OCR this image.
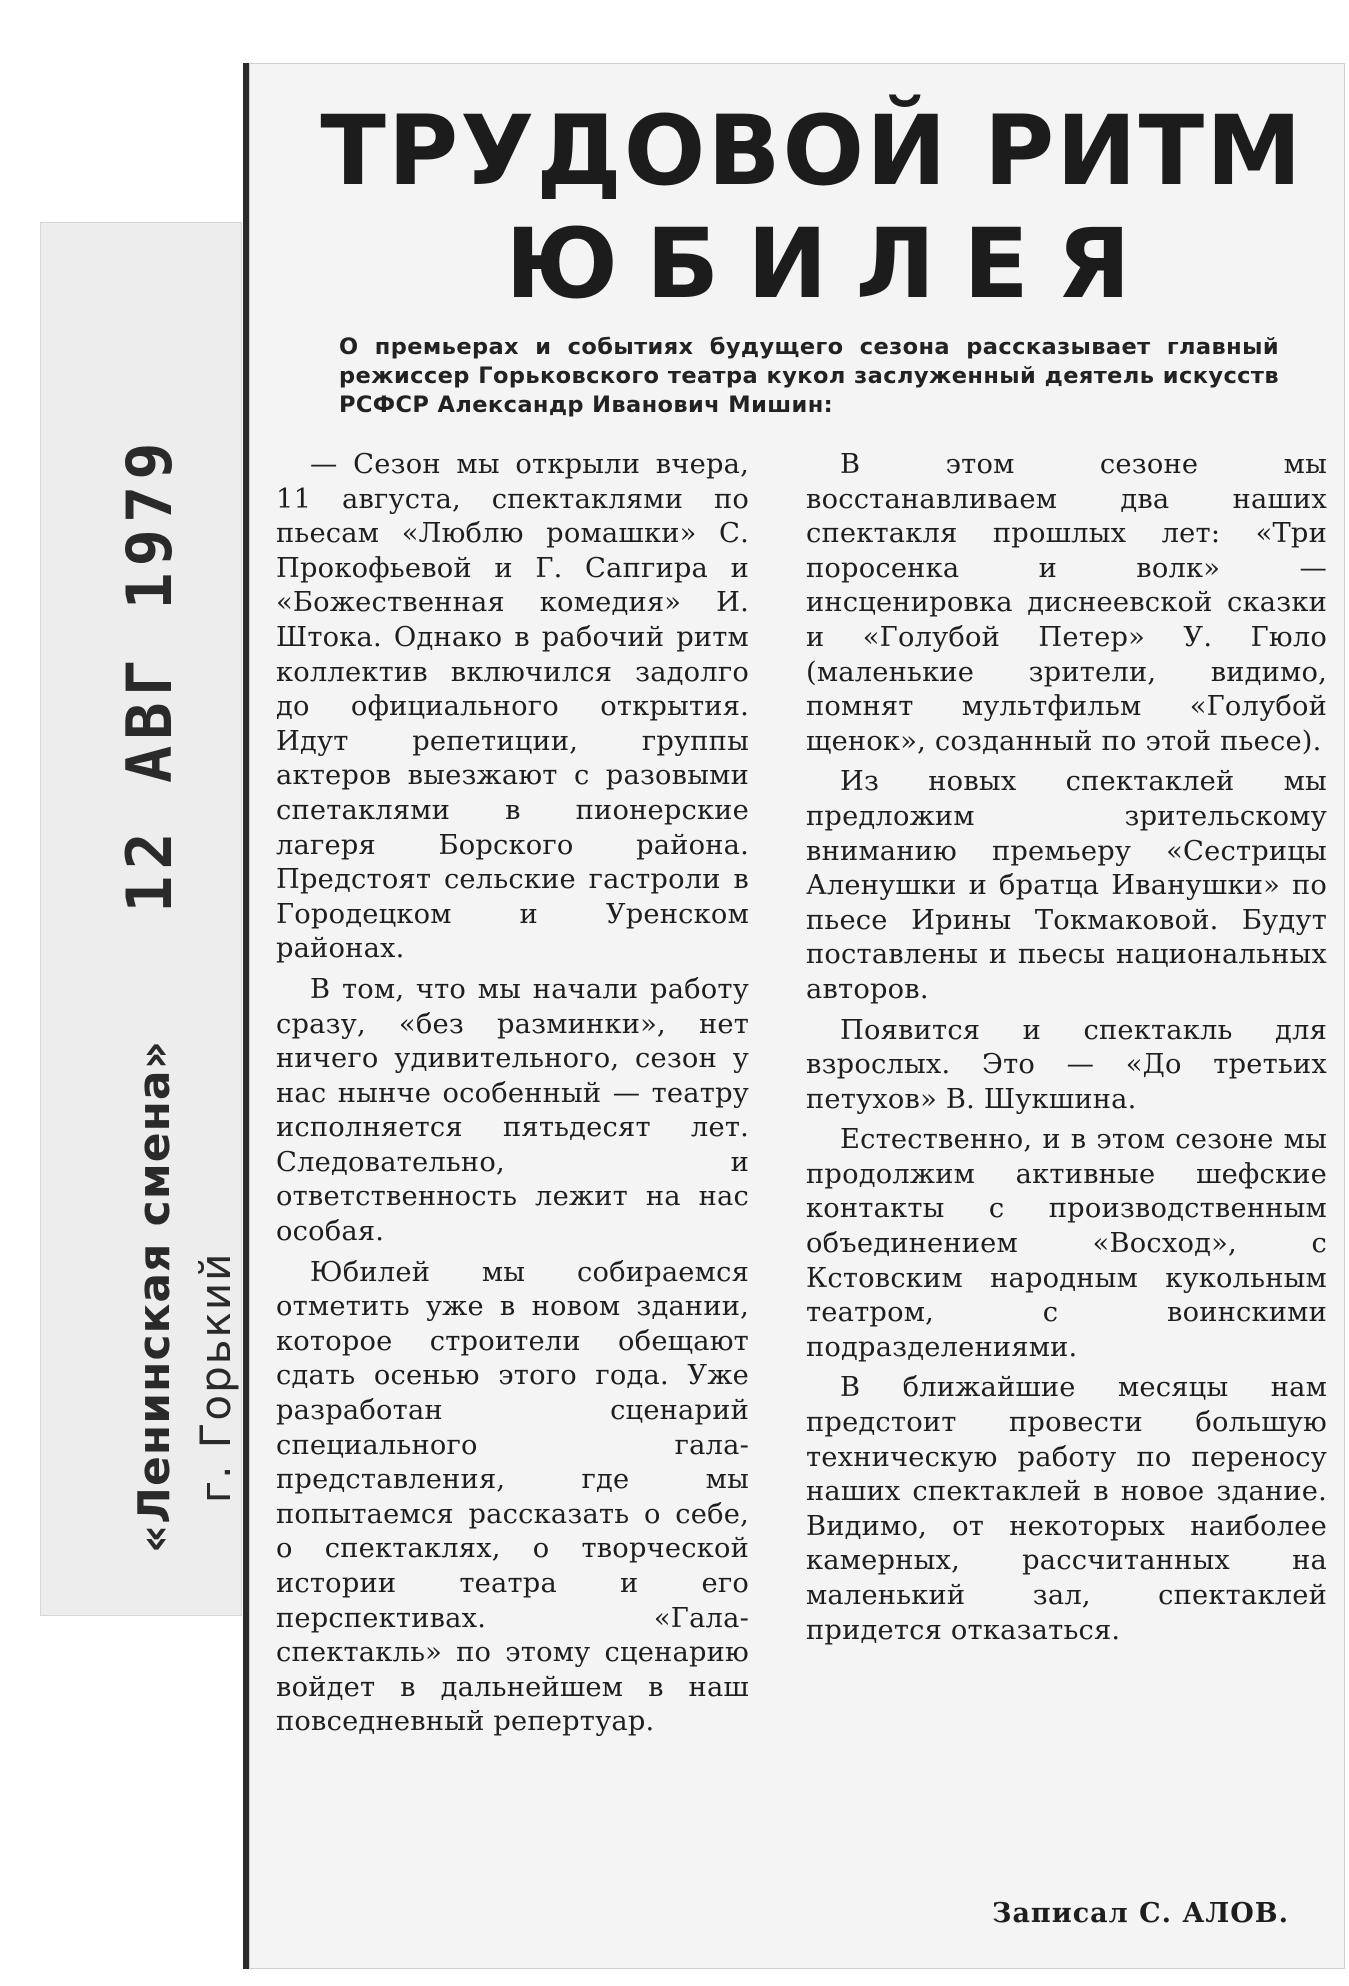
12 АВГ 1979
«Ленинская смена» г. Горький
ТРУДОВОЙ РИТМ
ЮБИЛЕЯ

О премьерах и событиях будущего сезона рассказывает главный режиссер Горьковского театра кукол заслуженный деятель искусств РСФСР Александр Иванович Мишин:

— Сезон мы открыли вчера, 11 августа, спектаклями по пьесам «Люблю ромашки» С. Прокофьевой и Г. Сапгира и «Божественная комедия» И. Штока. Однако в рабочий ритм коллектив включился задолго до официального открытия. Идут репетиции, группы актеров выезжают с разовыми спетаклями в пионерские лагеря Борского района. Предстоят сельские гастроли в Городецком и Уренском районах.

В том, что мы начали работу сразу, «без разминки», нет ничего удивительного, сезон у нас нынче особенный — театру исполняется пятьдесят лет. Следовательно, и ответственность лежит на нас особая.

Юбилей мы собираемся отметить уже в новом здании, которое строители обещают сдать осенью этого года. Уже разработан сценарий специального гала-представления, где мы попытаемся рассказать о себе, о спектаклях, о творческой истории театра и его перспективах. «Гала-спектакль» по этому сценарию войдет в дальнейшем в наш повседневный репертуар.

В этом сезоне мы восстанавливаем два наших спектакля прошлых лет: «Три поросенка и волк» — инсценировка диснеевской сказки и «Голубой Петер» У. Гюло (маленькие зрители, видимо, помнят мультфильм «Голубой щенок», созданный по этой пьесе).

Из новых спектаклей мы предложим зрительскому вниманию премьеру «Сестрицы Аленушки и братца Иванушки» по пьесе Ирины Токмаковой. Будут поставлены и пьесы национальных авторов.

Появится и спектакль для взрослых. Это — «До третьих петухов» В. Шукшина.

Естественно, и в этом сезоне мы продолжим активные шефские контакты с производственным объединением «Восход», с Кстовским народным кукольным театром, с воинскими подразделениями.

В ближайшие месяцы нам предстоит провести большую техническую работу по переносу наших спектаклей в новое здание. Видимо, от некоторых наиболее камерных, рассчитанных на маленький зал, спектаклей придется отказаться.

Записал С. АЛОВ.
